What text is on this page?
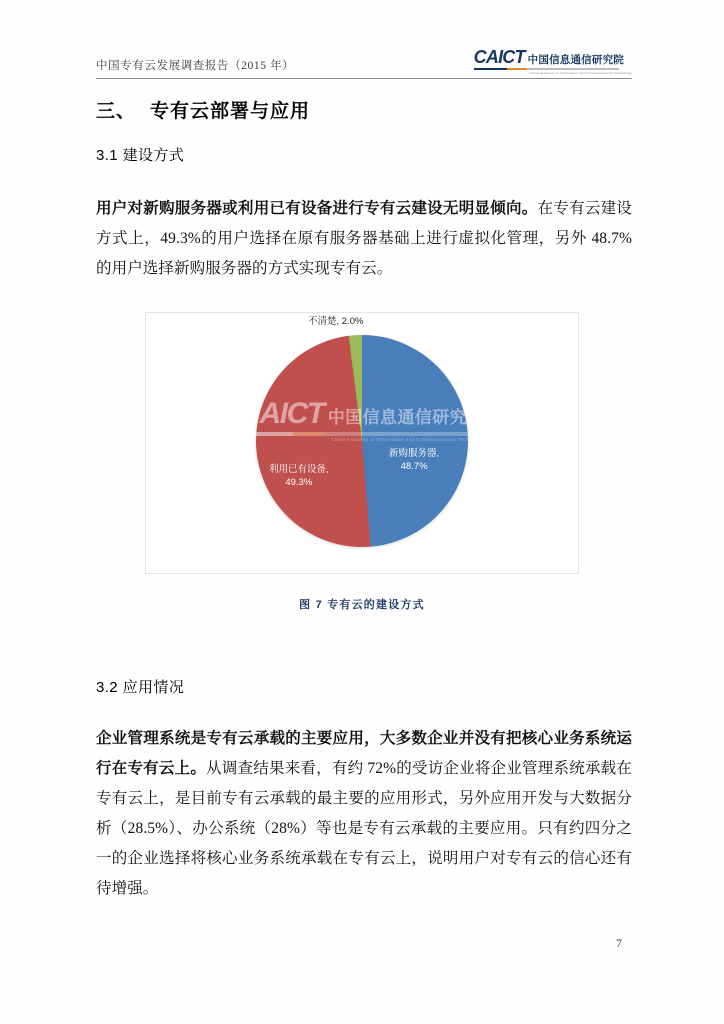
中国专有云发展调查报告（2015 年）	CAICT 中国信息通信研究院
China Academy of Information and Communications Technology
三、 专有云部署与应用
3.1 建设方式

用户对新购服务器或利用已有设备进行专有云建设无明显倾向。在专有云建设方式上，49.3%的用户选择在原有服务器基础上进行虚拟化管理，另外 48.7%的用户选择新购服务器的方式实现专有云。

新购服务器,
48.7%
利用已有设备,
49.3%
不清楚, 2.0%
CAICT 中国信息通信研究院
China Academy of Information and Communications Technology
图 7 专有云的建设方式
3.2 应用情况

企业管理系统是专有云承载的主要应用，大多数企业并没有把核心业务系统运行在专有云上。从调查结果来看，有约 72%的受访企业将企业管理系统承载在专有云上，是目前专有云承载的最主要的应用形式，另外应用开发与大数据分析（28.5%）、办公系统（28%）等也是专有云承载的主要应用。只有约四分之一的企业选择将核心业务系统承载在专有云上，说明用户对专有云的信心还有待增强。

7
